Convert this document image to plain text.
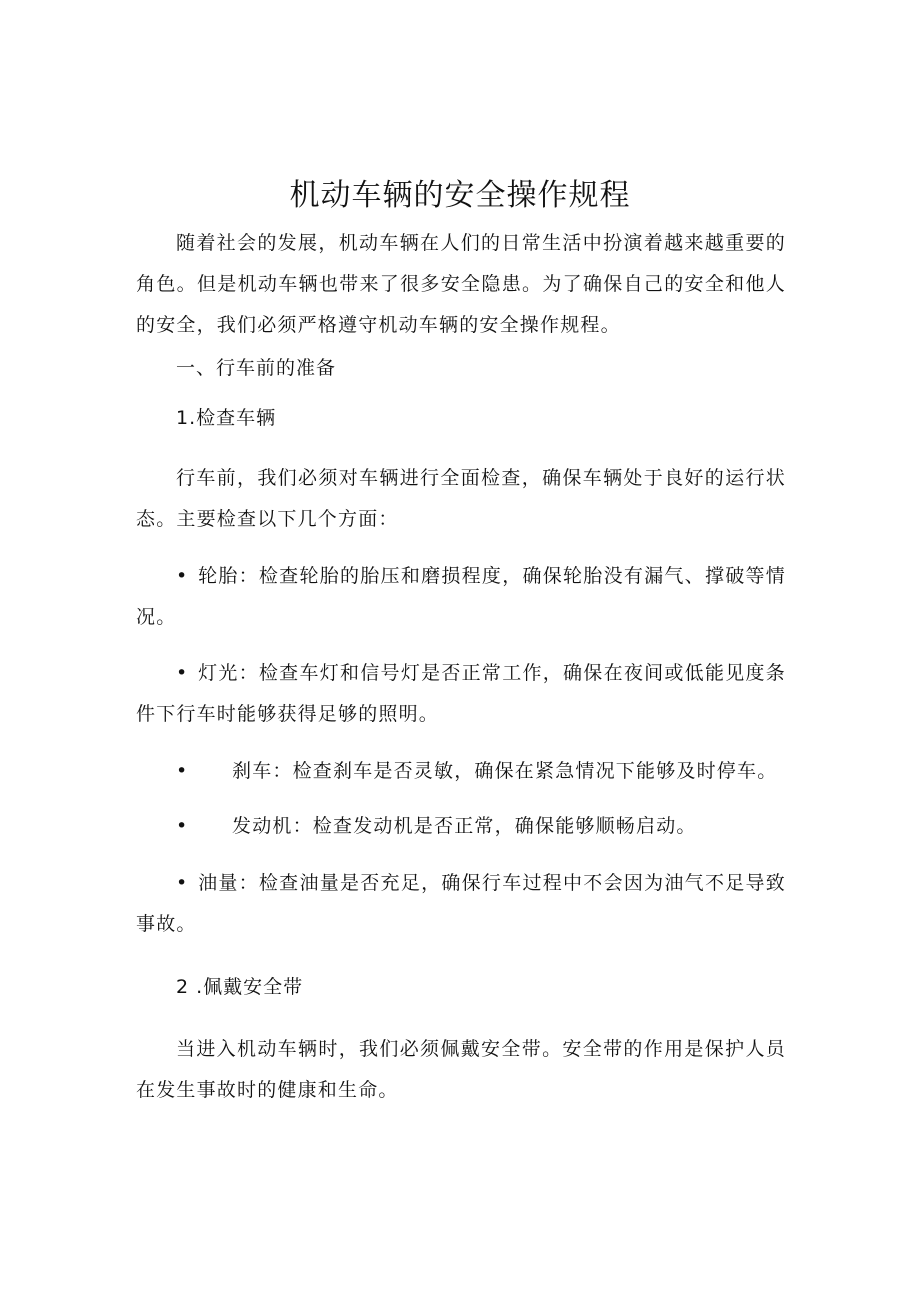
机动车辆的安全操作规程

随着社会的发展，机动车辆在人们的日常生活中扮演着越来越重要的角色。但是机动车辆也带来了很多安全隐患。为了确保自己的安全和他人的安全，我们必须严格遵守机动车辆的安全操作规程。

一、行车前的准备

1.检查车辆

行车前，我们必须对车辆进行全面检查，确保车辆处于良好的运行状态。主要检查以下几个方面：

• 轮胎：检查轮胎的胎压和磨损程度，确保轮胎没有漏气、撑破等情况。

• 灯光：检查车灯和信号灯是否正常工作，确保在夜间或低能见度条件下行车时能够获得足够的照明。

• 刹车：检查刹车是否灵敏，确保在紧急情况下能够及时停车。

• 发动机：检查发动机是否正常，确保能够顺畅启动。

• 油量：检查油量是否充足，确保行车过程中不会因为油气不足导致事故。

2 .佩戴安全带

当进入机动车辆时，我们必须佩戴安全带。安全带的作用是保护人员在发生事故时的健康和生命。
